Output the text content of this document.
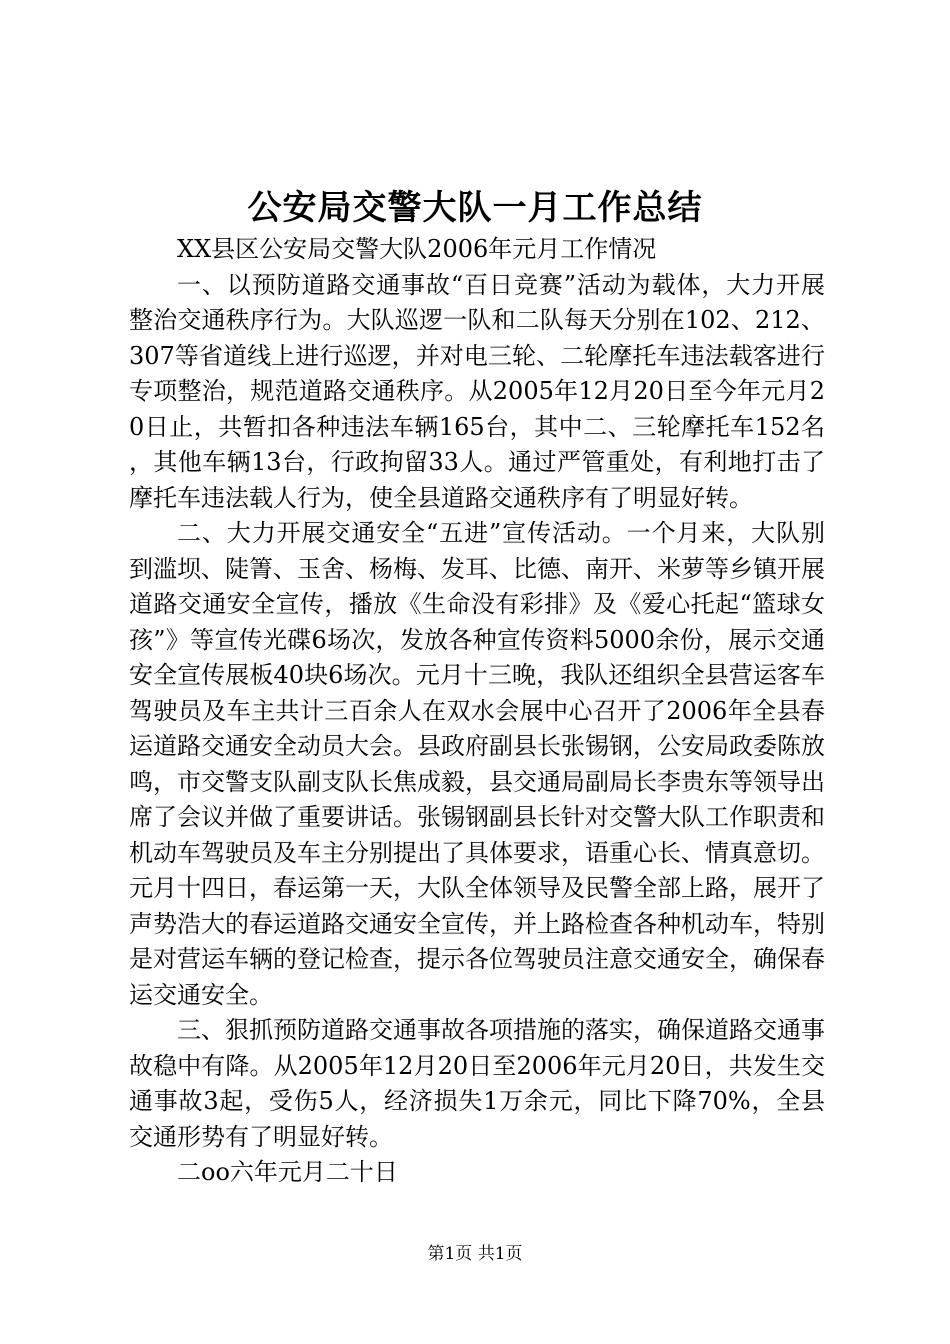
公安局交警大队一月工作总结

XX县区公安局交警大队2006年元月工作情况

一、以预防道路交通事故“百日竞赛”活动为载体，大力开展整治交通秩序行为。大队巡逻一队和二队每天分别在102、212、307等省道线上进行巡逻，并对电三轮、二轮摩托车违法载客进行专项整治，规范道路交通秩序。从2005年12月20日至今年元月20日止，共暂扣各种违法车辆165台，其中二、三轮摩托车152名，其他车辆13台，行政拘留33人。通过严管重处，有利地打击了摩托车违法载人行为，使全县道路交通秩序有了明显好转。

二、大力开展交通安全“五进”宣传活动。一个月来，大队别到滥坝、陡箐、玉舍、杨梅、发耳、比德、南开、米萝等乡镇开展道路交通安全宣传，播放《生命没有彩排》及《爱心托起“篮球女孩”》等宣传光碟6场次，发放各种宣传资料5000余份，展示交通安全宣传展板40块6场次。元月十三晚，我队还组织全县营运客车驾驶员及车主共计三百余人在双水会展中心召开了2006年全县春运道路交通安全动员大会。县政府副县长张锡钢，公安局政委陈放鸣，市交警支队副支队长焦成毅，县交通局副局长李贵东等领导出席了会议并做了重要讲话。张锡钢副县长针对交警大队工作职责和机动车驾驶员及车主分别提出了具体要求，语重心长、情真意切。元月十四日，春运第一天，大队全体领导及民警全部上路，展开了声势浩大的春运道路交通安全宣传，并上路检查各种机动车，特别是对营运车辆的登记检查，提示各位驾驶员注意交通安全，确保春运交通安全。

三、狠抓预防道路交通事故各项措施的落实，确保道路交通事故稳中有降。从2005年12月20日至2006年元月20日，共发生交通事故3起，受伤5人，经济损失1万余元，同比下降70%，全县交通形势有了明显好转。

二oo六年元月二十日

第1页 共1页
